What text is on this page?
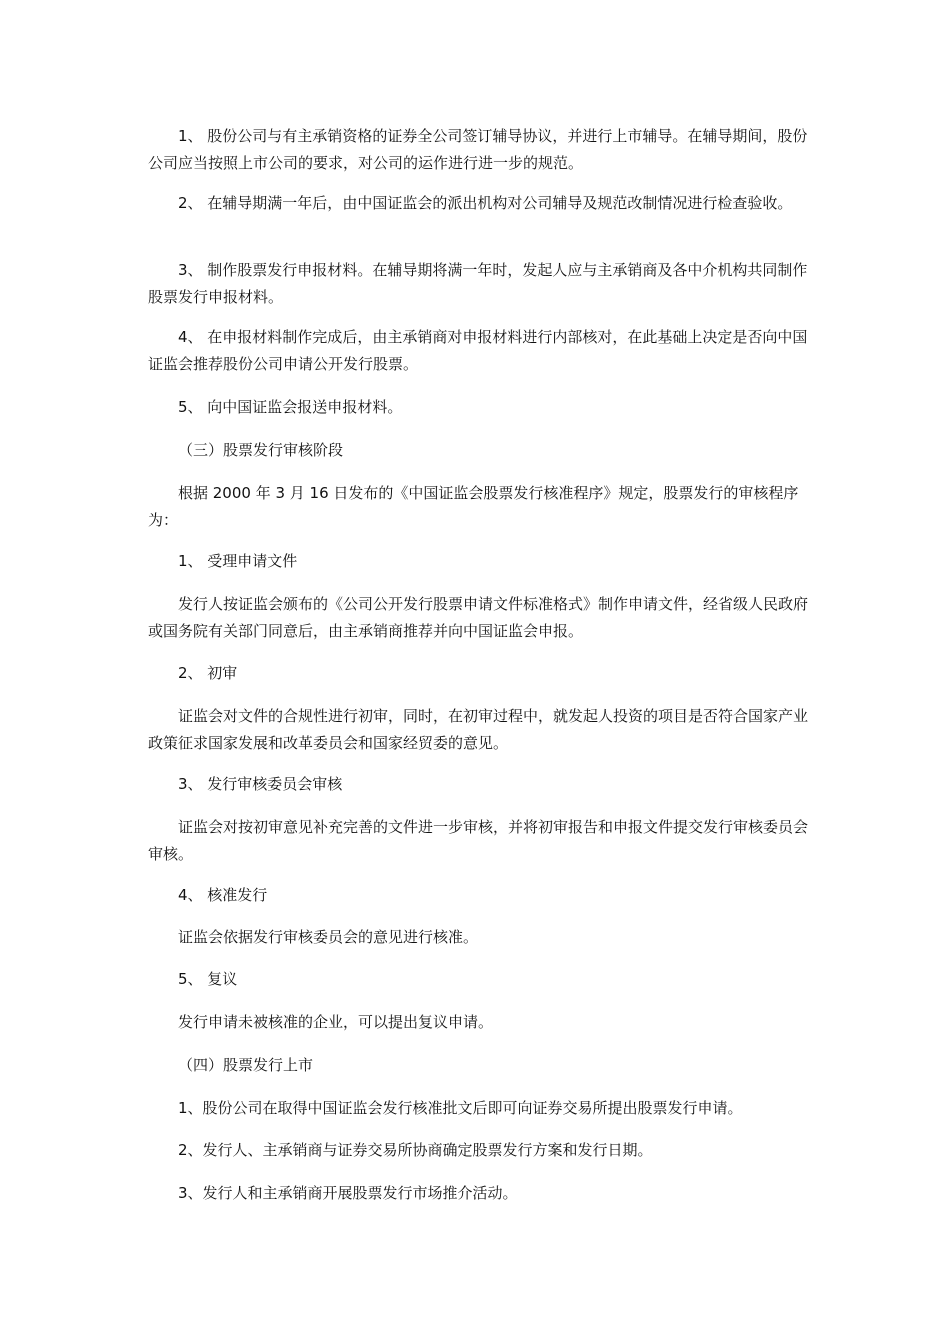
1、 股份公司与有主承销资格的证券全公司签订辅导协议，并进行上市辅导。在辅导期间，股份公司应当按照上市公司的要求，对公司的运作进行进一步的规范。

2、 在辅导期满一年后，由中国证监会的派出机构对公司辅导及规范改制情况进行检查验收。

3、 制作股票发行申报材料。在辅导期将满一年时，发起人应与主承销商及各中介机构共同制作股票发行申报材料。

4、 在申报材料制作完成后，由主承销商对申报材料进行内部核对，在此基础上决定是否向中国证监会推荐股份公司申请公开发行股票。

5、 向中国证监会报送申报材料。

（三）股票发行审核阶段

根据 2000 年 3 月 16 日发布的《中国证监会股票发行核准程序》规定，股票发行的审核程序为：

1、 受理申请文件

发行人按证监会颁布的《公司公开发行股票申请文件标准格式》制作申请文件，经省级人民政府或国务院有关部门同意后，由主承销商推荐并向中国证监会申报。

2、 初审

证监会对文件的合规性进行初审，同时，在初审过程中，就发起人投资的项目是否符合国家产业政策征求国家发展和改革委员会和国家经贸委的意见。

3、 发行审核委员会审核

证监会对按初审意见补充完善的文件进一步审核，并将初审报告和申报文件提交发行审核委员会审核。

4、 核准发行

证监会依据发行审核委员会的意见进行核准。

5、 复议

发行申请未被核准的企业，可以提出复议申请。

（四）股票发行上市

1、股份公司在取得中国证监会发行核准批文后即可向证券交易所提出股票发行申请。

2、发行人、主承销商与证券交易所协商确定股票发行方案和发行日期。

3、发行人和主承销商开展股票发行市场推介活动。
